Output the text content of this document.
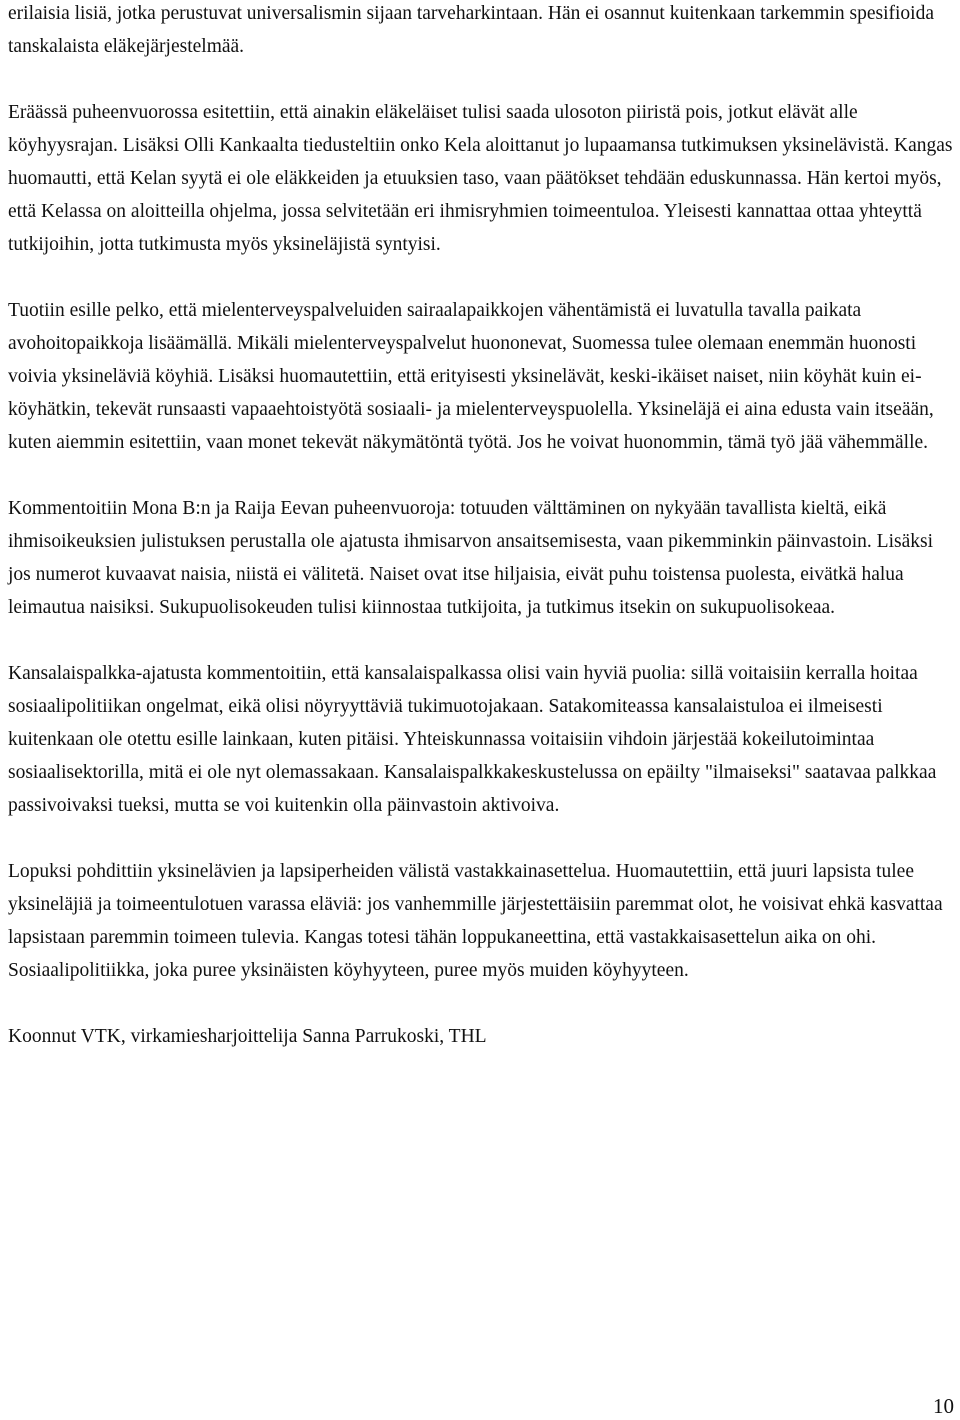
erilaisia lisiä, jotka perustuvat universalismin sijaan tarveharkintaan. Hän ei osannut kuitenkaan tarkemmin spesifioida tanskalaista eläkejärjestelmää.

Eräässä puheenvuorossa esitettiin, että ainakin eläkeläiset tulisi saada ulosoton piiristä pois, jotkut elävät alle köyhyysrajan. Lisäksi Olli Kankaalta tiedusteltiin onko Kela aloittanut jo lupaamansa tutkimuksen yksinelävistä. Kangas huomautti, että Kelan syytä ei ole eläkkeiden ja etuuksien taso, vaan päätökset tehdään eduskunnassa. Hän kertoi myös, että Kelassa on aloitteilla ohjelma, jossa selvitetään eri ihmisryhmien toimeentuloa. Yleisesti kannattaa ottaa yhteyttä tutkijoihin, jotta tutkimusta myös yksineläjistä syntyisi.

Tuotiin esille pelko, että mielenterveyspalveluiden sairaalapaikkojen vähentämistä ei luvatulla tavalla paikata avohoitopaikkoja lisäämällä. Mikäli mielenterveyspalvelut huononevat, Suomessa tulee olemaan enemmän huonosti voivia yksineläviä köyhiä. Lisäksi huomautettiin, että erityisesti yksinelävät, keski-ikäiset naiset, niin köyhät kuin ei-köyhätkin, tekevät runsaasti vapaaehtoistyötä sosiaali- ja mielenterveyspuolella. Yksineläjä ei aina edusta vain itseään, kuten aiemmin esitettiin, vaan monet tekevät näkymätöntä työtä. Jos he voivat huonommin, tämä työ jää vähemmälle.

Kommentoitiin Mona B:n ja Raija Eevan puheenvuoroja: totuuden välttäminen on nykyään tavallista kieltä, eikä ihmisoikeuksien julistuksen perustalla ole ajatusta ihmisarvon ansaitsemisesta, vaan pikemminkin päinvastoin. Lisäksi jos numerot kuvaavat naisia, niistä ei välitetä. Naiset ovat itse hiljaisia, eivät puhu toistensa puolesta, eivätkä halua leimautua naisiksi. Sukupuolisokeuden tulisi kiinnostaa tutkijoita, ja tutkimus itsekin on sukupuolisokeaa.

Kansalaispalkka-ajatusta kommentoitiin, että kansalaispalkassa olisi vain hyviä puolia: sillä voitaisiin kerralla hoitaa sosiaalipolitiikan ongelmat, eikä olisi nöyryyttäviä tukimuotojakaan. Satakomiteassa kansalaistuloa ei ilmeisesti kuitenkaan ole otettu esille lainkaan, kuten pitäisi. Yhteiskunnassa voitaisiin vihdoin järjestää kokeilutoimintaa sosiaalisektorilla, mitä ei ole nyt olemassakaan. Kansalaispalkkakeskustelussa on epäilty "ilmaiseksi" saatavaa palkkaa passivoivaksi tueksi, mutta se voi kuitenkin olla päinvastoin aktivoiva.

Lopuksi pohdittiin yksinelävien ja lapsiperheiden välistä vastakkainasettelua. Huomautettiin, että juuri lapsista tulee yksineläjiä ja toimeentulotuen varassa eläviä: jos vanhemmille järjestettäisiin paremmat olot, he voisivat ehkä kasvattaa lapsistaan paremmin toimeen tulevia. Kangas totesi tähän loppukaneettina, että vastakkaisasettelun aika on ohi. Sosiaalipolitiikka, joka puree yksinäisten köyhyyteen, puree myös muiden köyhyyteen.

Koonnut VTK, virkamiesharjoittelija Sanna Parrukoski, THL

10
